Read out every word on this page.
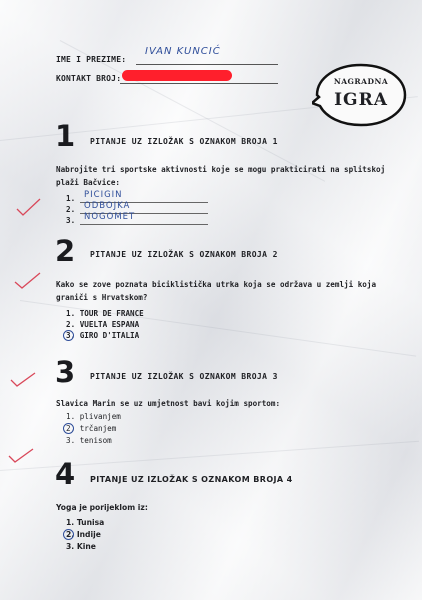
IME I PREZIME:
IVAN KUNCIĆ
KONTAKT BROJ:	NAGRADNA
IGRA
1 PITANJE UZ IZLOŽAK S OZNAKOM BROJA 1
Nabrojite tri sportske aktivnosti koje se mogu prakticirati na splitskoj plaži Bačvice:
1. PICIGIN
2. ODBOJKA
3. NOGOMET
2 PITANJE UZ IZLOŽAK S OZNAKOM BROJA 2
Kako se zove poznata biciklistička utrka koja se održava u zemlji koja graniči s Hrvatskom?
1. TOUR DE FRANCE
2. VUELTA ESPANA
3. GIRO D'ITALIA
3 PITANJE UZ IZLOŽAK S OZNAKOM BROJA 3
Slavica Marin se uz umjetnost bavi kojim sportom:
1. plivanjem
2. trčanjem
3. tenisom
4 PITANJE UZ IZLOŽAK S OZNAKOM BROJA 4
Yoga je porijeklom iz:
1. Tunisa
2. Indije
3. Kine
